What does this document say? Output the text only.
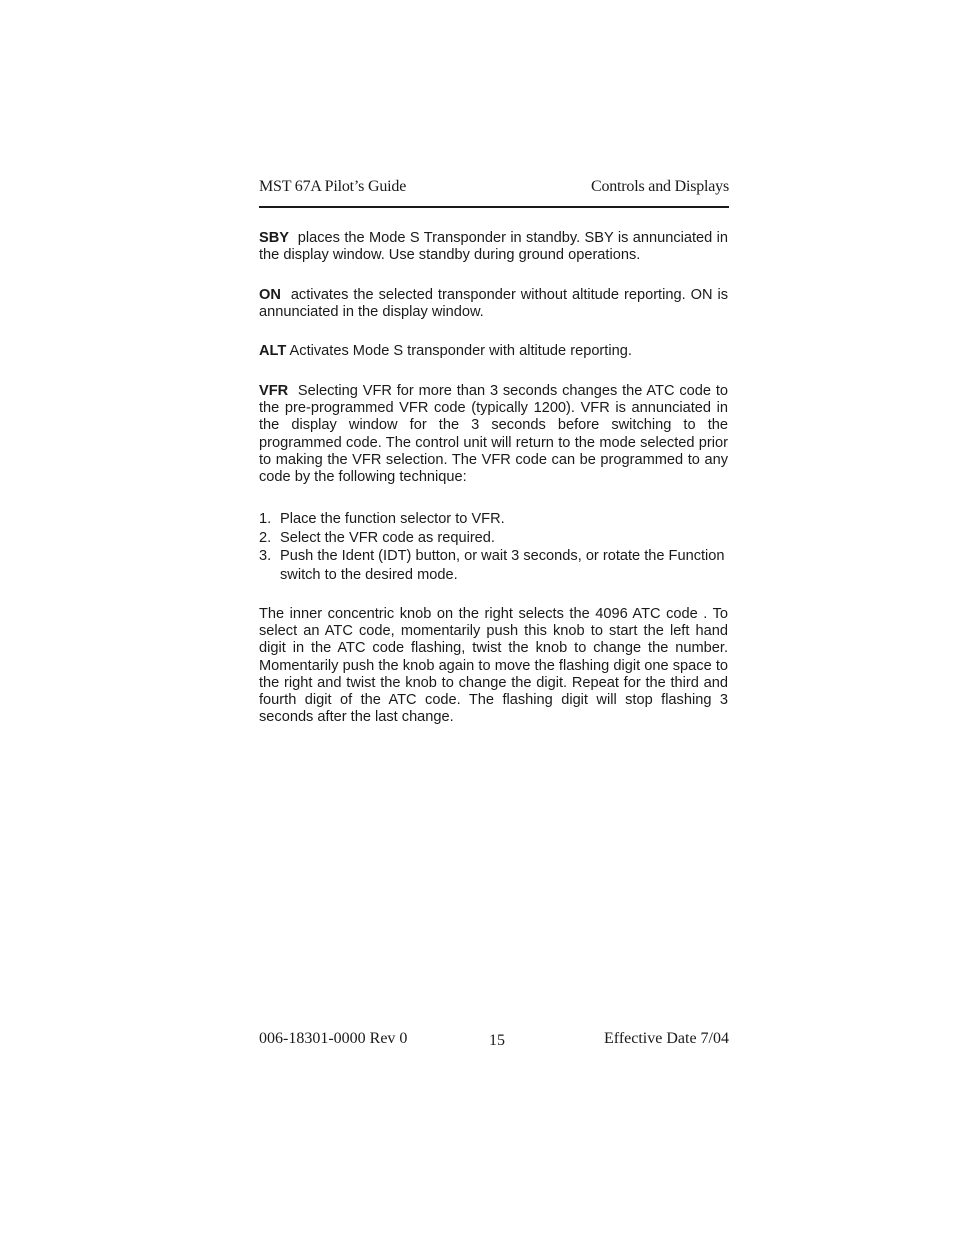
MST 67A Pilot’s Guide	Controls and Displays
SBY places the Mode S Transponder in standby. SBY is annunciated in the display window. Use standby during ground operations.
ON activates the selected transponder without altitude reporting. ON is annunciated in the display window.
ALT Activates Mode S transponder with altitude reporting.
VFR Selecting VFR for more than 3 seconds changes the ATC code to the pre-programmed VFR code (typically 1200). VFR is annunciated in the display window for the 3 seconds before switching to the programmed code. The control unit will return to the mode selected prior to making the VFR selection. The VFR code can be programmed to any code by the following technique:
1. Place the function selector to VFR.
2. Select the VFR code as required.
3. Push the Ident (IDT) button, or wait 3 seconds, or rotate the Function switch to the desired mode.
The inner concentric knob on the right selects the 4096 ATC code . To select an ATC code, momentarily push this knob to start the left hand digit in the ATC code flashing, twist the knob to change the number. Momentarily push the knob again to move the flashing digit one space to the right and twist the knob to change the digit. Repeat for the third and fourth digit of the ATC code. The flashing digit will stop flashing 3 seconds after the last change.
006-18301-0000 Rev 0	15	Effective Date 7/04
